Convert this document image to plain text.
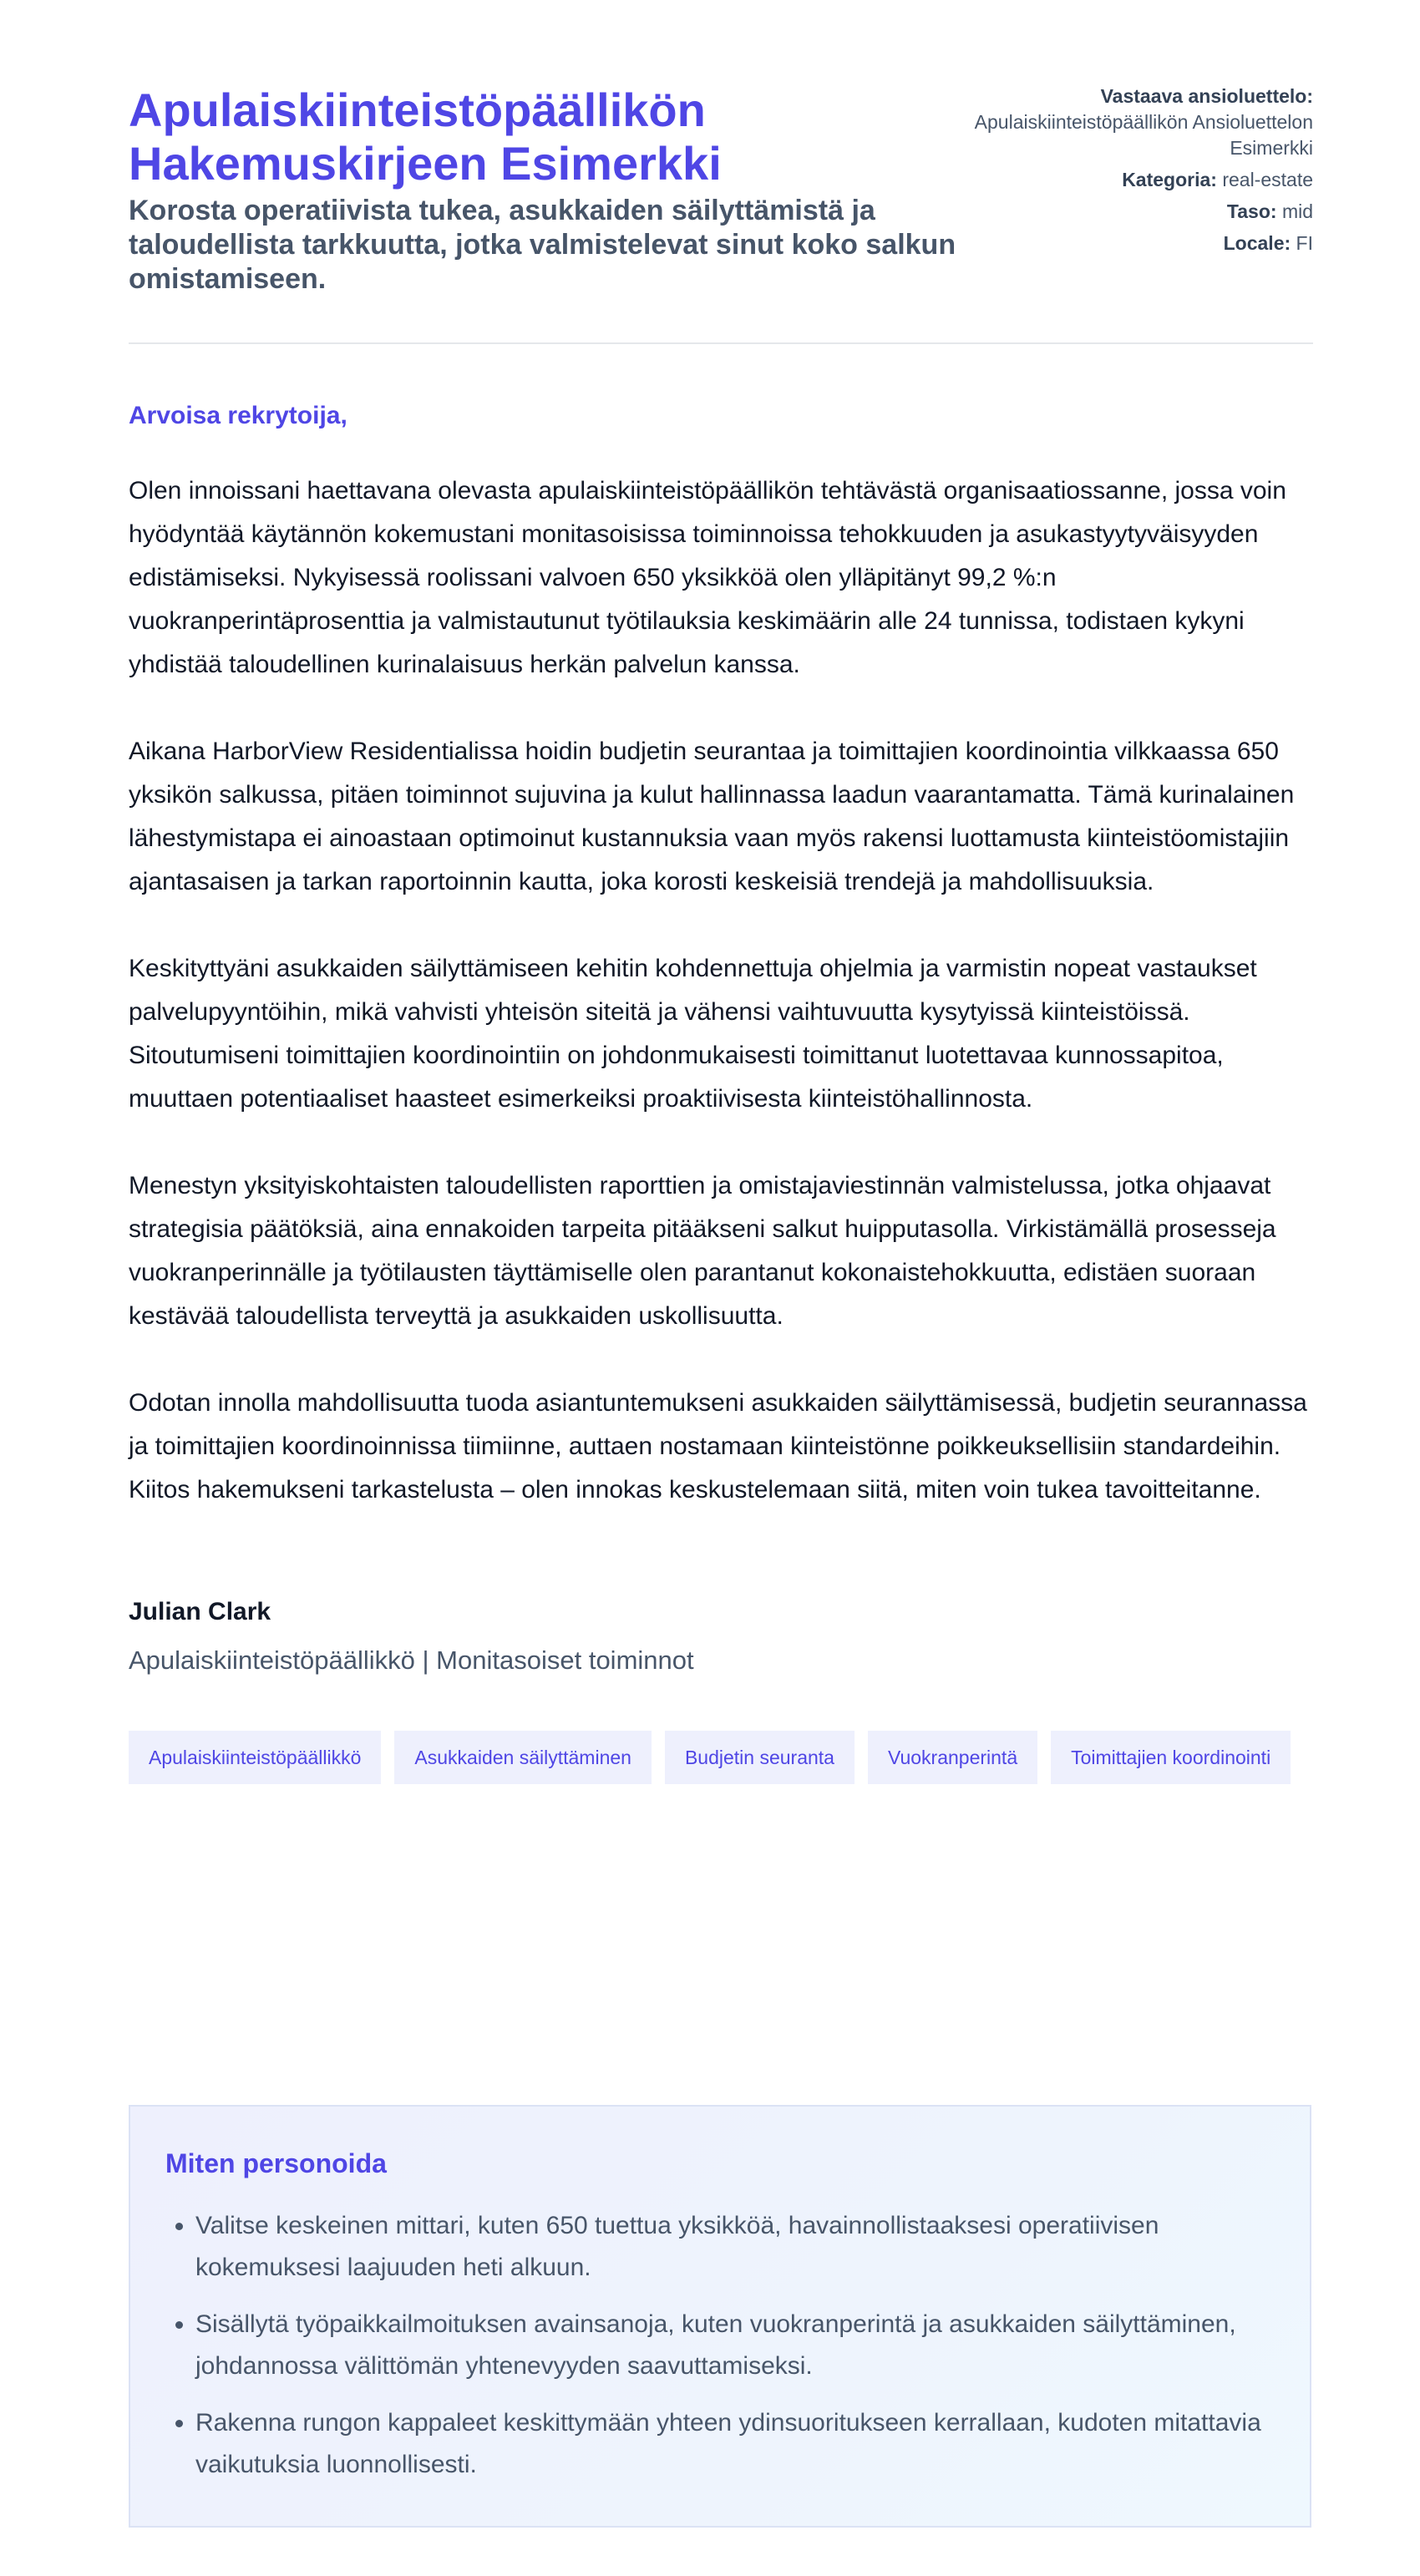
Apulaiskiinteistöpäällikön Hakemuskirjeen Esimerkki

Korosta operatiivista tukea, asukkaiden säilyttämistä ja taloudellista tarkkuutta, jotka valmistelevat sinut koko salkun omistamiseen.

Vastaava ansioluettelo:
Apulaiskiinteistöpäällikön Ansioluettelon Esimerkki

Kategoria: real-estate

Taso: mid

Locale: FI

Arvoisa rekrytoija,

Olen innoissani haettavana olevasta apulaiskiinteistöpäällikön tehtävästä organisaatiossanne, jossa voin hyödyntää käytännön kokemustani monitasoisissa toiminnoissa tehokkuuden ja asukastyytyväisyyden edistämiseksi. Nykyisessä roolissani valvoen 650 yksikköä olen ylläpitänyt 99,2 %:n vuokranperintäprosenttia ja valmistautunut työtilauksia keskimäärin alle 24 tunnissa, todistaen kykyni yhdistää taloudellinen kurinalaisuus herkän palvelun kanssa.

Aikana HarborView Residentialissa hoidin budjetin seurantaa ja toimittajien koordinointia vilkkaassa 650 yksikön salkussa, pitäen toiminnot sujuvina ja kulut hallinnassa laadun vaarantamatta. Tämä kurinalainen lähestymistapa ei ainoastaan optimoinut kustannuksia vaan myös rakensi luottamusta kiinteistöomistajiin ajantasaisen ja tarkan raportoinnin kautta, joka korosti keskeisiä trendejä ja mahdollisuuksia.

Keskityttyäni asukkaiden säilyttämiseen kehitin kohdennettuja ohjelmia ja varmistin nopeat vastaukset palvelupyyntöihin, mikä vahvisti yhteisön siteitä ja vähensi vaihtuvuutta kysytyissä kiinteistöissä. Sitoutumiseni toimittajien koordinointiin on johdonmukaisesti toimittanut luotettavaa kunnossapitoa, muuttaen potentiaaliset haasteet esimerkeiksi proaktiivisesta kiinteistöhallinnosta.

Menestyn yksityiskohtaisten taloudellisten raporttien ja omistajaviestinnän valmistelussa, jotka ohjaavat strategisia päätöksiä, aina ennakoiden tarpeita pitääkseni salkut huipputasolla. Virkistämällä prosesseja vuokranperinnälle ja työtilausten täyttämiselle olen parantanut kokonaistehokkuutta, edistäen suoraan kestävää taloudellista terveyttä ja asukkaiden uskollisuutta.

Odotan innolla mahdollisuutta tuoda asiantuntemukseni asukkaiden säilyttämisessä, budjetin seurannassa ja toimittajien koordinoinnissa tiimiinne, auttaen nostamaan kiinteistönne poikkeuksellisiin standardeihin. Kiitos hakemukseni tarkastelusta – olen innokas keskustelemaan siitä, miten voin tukea tavoitteitanne.

Julian Clark

Apulaiskiinteistöpäällikkö | Monitasoiset toiminnot

Apulaiskiinteistöpäällikkö	Asukkaiden säilyttäminen	Budjetin seuranta	Vuokranperintä	Toimittajien koordinointi
Miten personoida
• Valitse keskeinen mittari, kuten 650 tuettua yksikköä, havainnollistaaksesi operatiivisen kokemuksesi laajuuden heti alkuun.
• Sisällytä työpaikkailmoituksen avainsanoja, kuten vuokranperintä ja asukkaiden säilyttäminen, johdannossa välittömän yhtenevyyden saavuttamiseksi.
• Rakenna rungon kappaleet keskittymään yhteen ydinsuoritukseen kerrallaan, kudoten mitattavia vaikutuksia luonnollisesti.
